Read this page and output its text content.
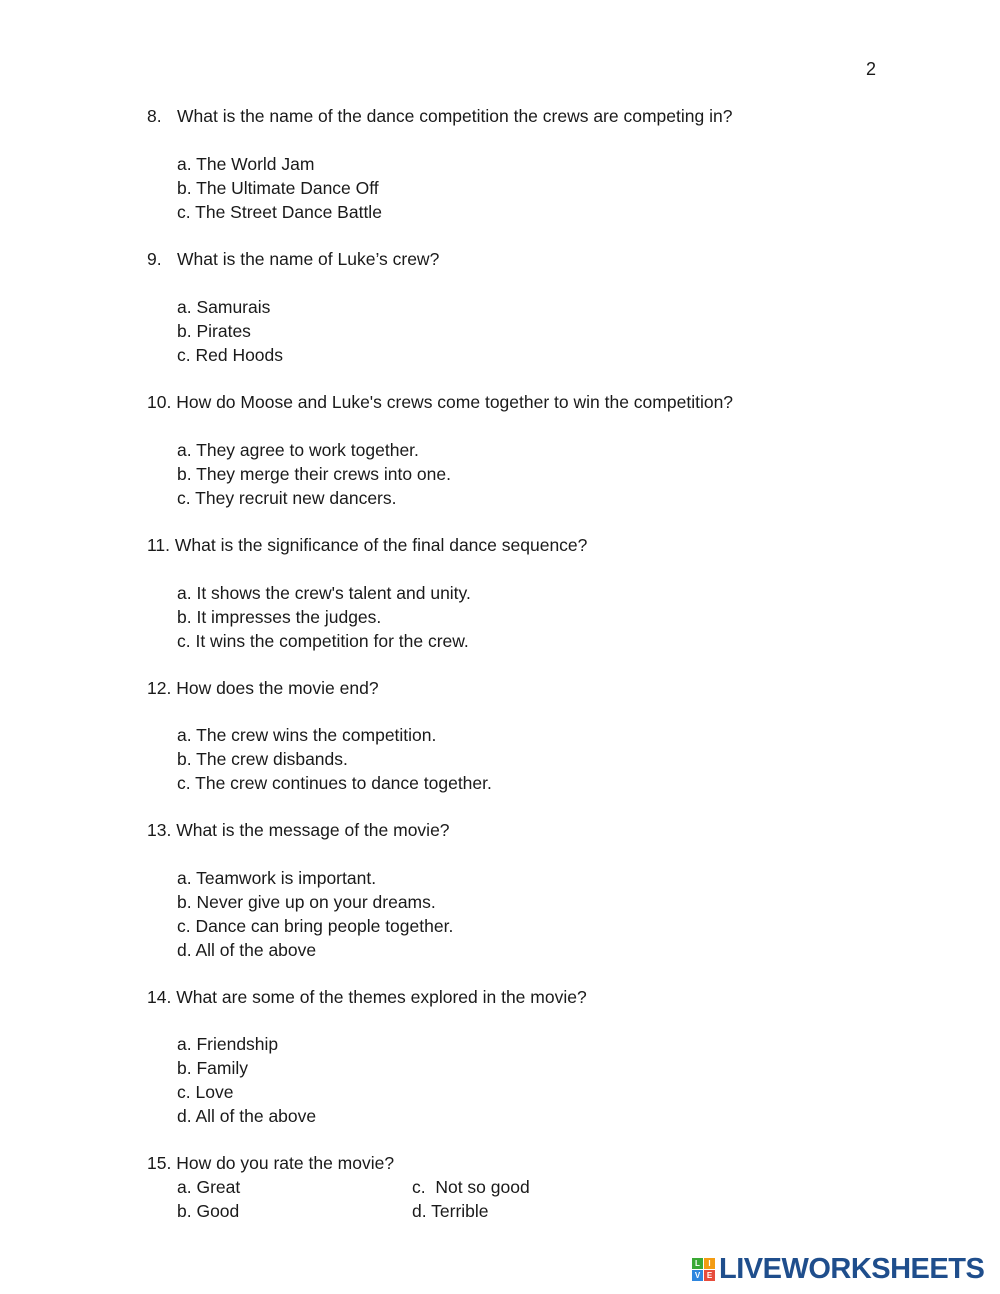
2
8. What is the name of the dance competition the crews are competing in?
a. The World Jam
b. The Ultimate Dance Off
c. The Street Dance Battle
9. What is the name of Luke’s crew?
a. Samurais
b. Pirates
c. Red Hoods
10. How do Moose and Luke's crews come together to win the competition?
a. They agree to work together.
b. They merge their crews into one.
c. They recruit new dancers.
11. What is the significance of the final dance sequence?
a. It shows the crew's talent and unity.
b. It impresses the judges.
c. It wins the competition for the crew.
12. How does the movie end?
a. The crew wins the competition.
b. The crew disbands.
c. The crew continues to dance together.
13. What is the message of the movie?
a. Teamwork is important.
b. Never give up on your dreams.
c. Dance can bring people together.
d. All of the above
14. What are some of the themes explored in the movie?
a. Friendship
b. Family
c. Love
d. All of the above
15. How do you rate the movie?
a. Great
b. Good
c.  Not so good
d. Terrible
L	I
V E LIVEWORKSHEETS
